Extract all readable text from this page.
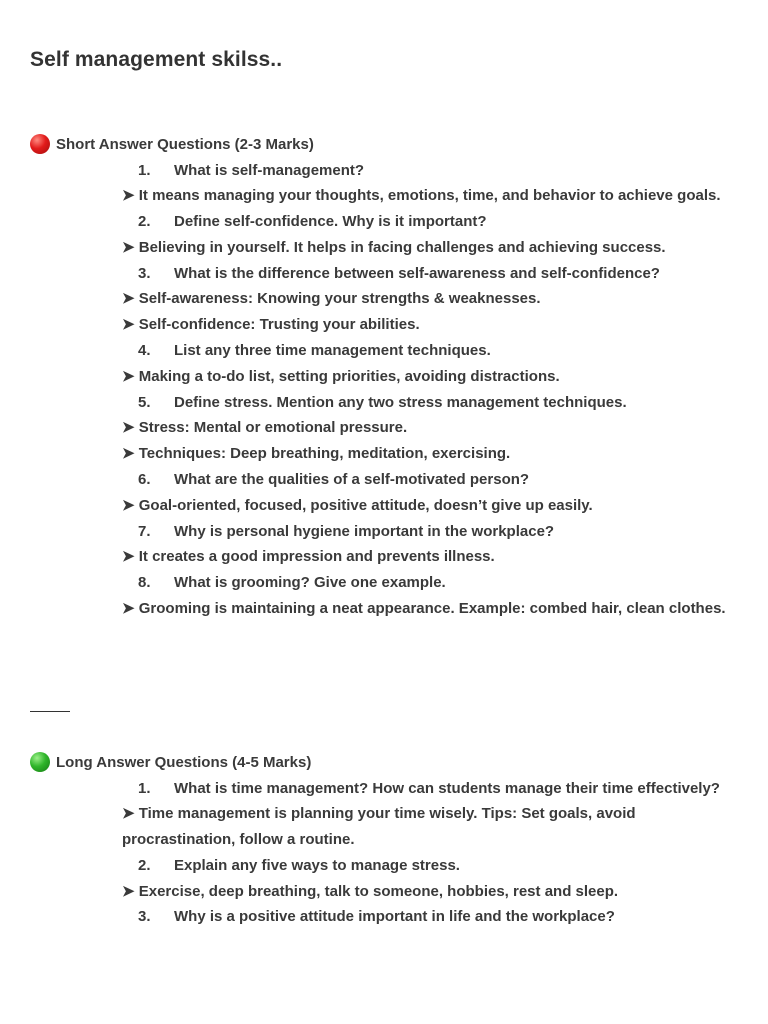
Self management skilss..
Short Answer Questions (2-3 Marks)
1.	What is self-management?
➤ It means managing your thoughts, emotions, time, and behavior to achieve goals.
2.	Define self-confidence. Why is it important?
➤ Believing in yourself. It helps in facing challenges and achieving success.
3.	What is the difference between self-awareness and self-confidence?
➤ Self-awareness: Knowing your strengths & weaknesses.
➤ Self-confidence: Trusting your abilities.
4.	List any three time management techniques.
➤ Making a to-do list, setting priorities, avoiding distractions.
5.	Define stress. Mention any two stress management techniques.
➤ Stress: Mental or emotional pressure.
➤ Techniques: Deep breathing, meditation, exercising.
6.	What are the qualities of a self-motivated person?
➤ Goal-oriented, focused, positive attitude, doesn’t give up easily.
7.	Why is personal hygiene important in the workplace?
➤ It creates a good impression and prevents illness.
8.	What is grooming? Give one example.
➤ Grooming is maintaining a neat appearance. Example: combed hair, clean clothes.
Long Answer Questions (4-5 Marks)
1. What is time management? How can students manage their time effectively?
➤ Time management is planning your time wisely. Tips: Set goals, avoid procrastination, follow a routine.
2.	Explain any five ways to manage stress.
➤ Exercise, deep breathing, talk to someone, hobbies, rest and sleep.
3.	Why is a positive attitude important in life and the workplace?
